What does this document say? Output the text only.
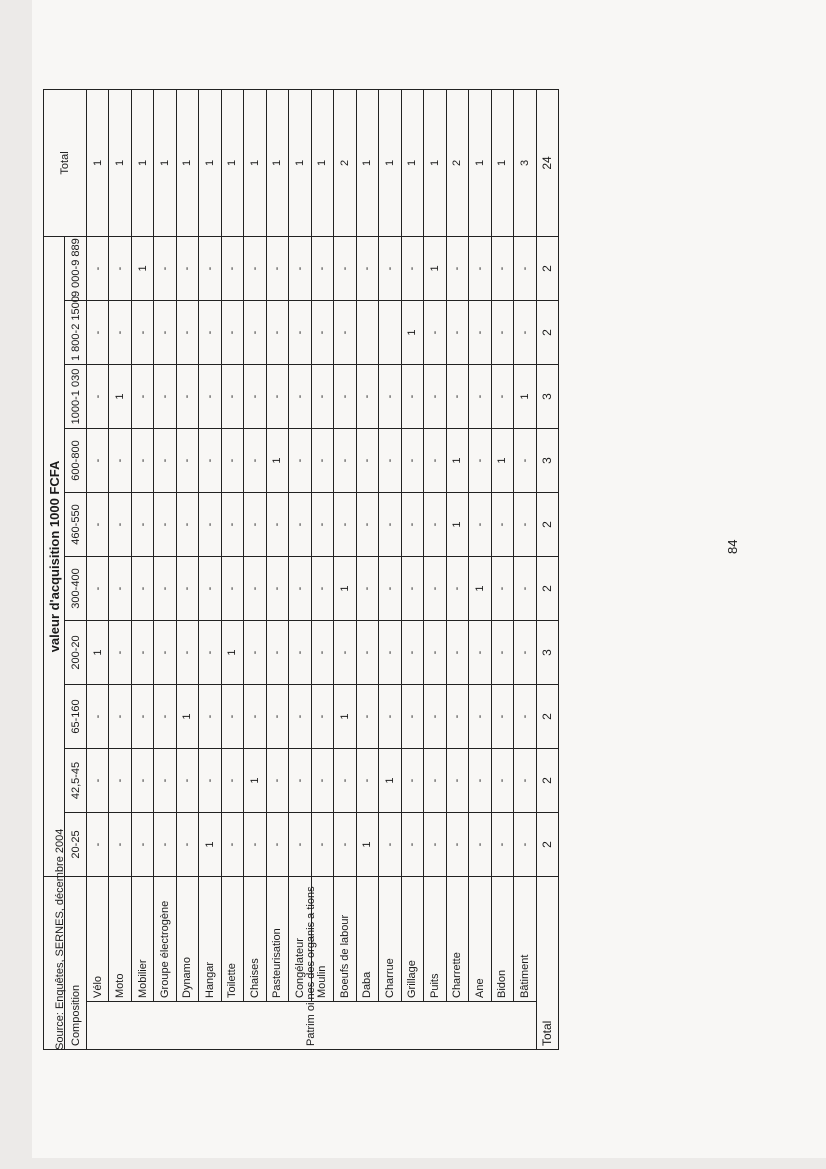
		valeur d'acquisition 1000 FCFA										Total
Composition		20-25	42,5-45	65-160	200-20	300-400	460-550	600-800	1000-1 030	1 800-2 1500	9 000-9 889	
Patrim oi nes des organis a tions	Vélo	-	-	-	1	-	-	-	-	-	-	1
	Moto	-	-	-	-	-	-	-	1	-	-	1
	Mobilier	-	-	-	-	-	-	-	-	-	1	1
	Groupe électrogène	-	-	-	-	-	-	-	-	-	-	1
	Dynamo	-	-	1	-	-	-	-	-	-	-	1
	Hangar	1	-	-	-	-	-	-	-	-	-	1
	Toilette	-	-	-	1	-	-	-	-	-	-	1
	Chaises	-	1	-	-	-	-	-	-	-	-	1
	Pasteurisation	-	-	-	-	-	-	1	-	-	-	1
	Congélateur	-	-	-	-	-	-	-	-	-	-	1
	Moulin	-	-	-	-	-	-	-	-	-	-	1
	Boeufs de labour	-	-	1	-	1	-	-	-	-	-	2
	Daba	1	-	-	-	-	-	-	-		-	1
	Charrue	-	1	-	-	-	-	-	-		-	1
	Grillage	-	-	-	-	-	-	-	-	1	-	1
	Puits	-	-	-	-	-	-	-	-	-	1	1
	Charrette	-	-	-	-	-	1	1	-	-	-	2
	Ane	-	-	-	-	1	-	-	-	-	-	1
	Bidon	-	-	-	-	-	-	1	-	-	-	1
	Bâtiment	-	-	-	-	-	-	-	1	-	-	3
Total		2	2	2	3	2	2	3	3	2	2	24
Source: Enquêtes, SERNES, décembre 2004
84
